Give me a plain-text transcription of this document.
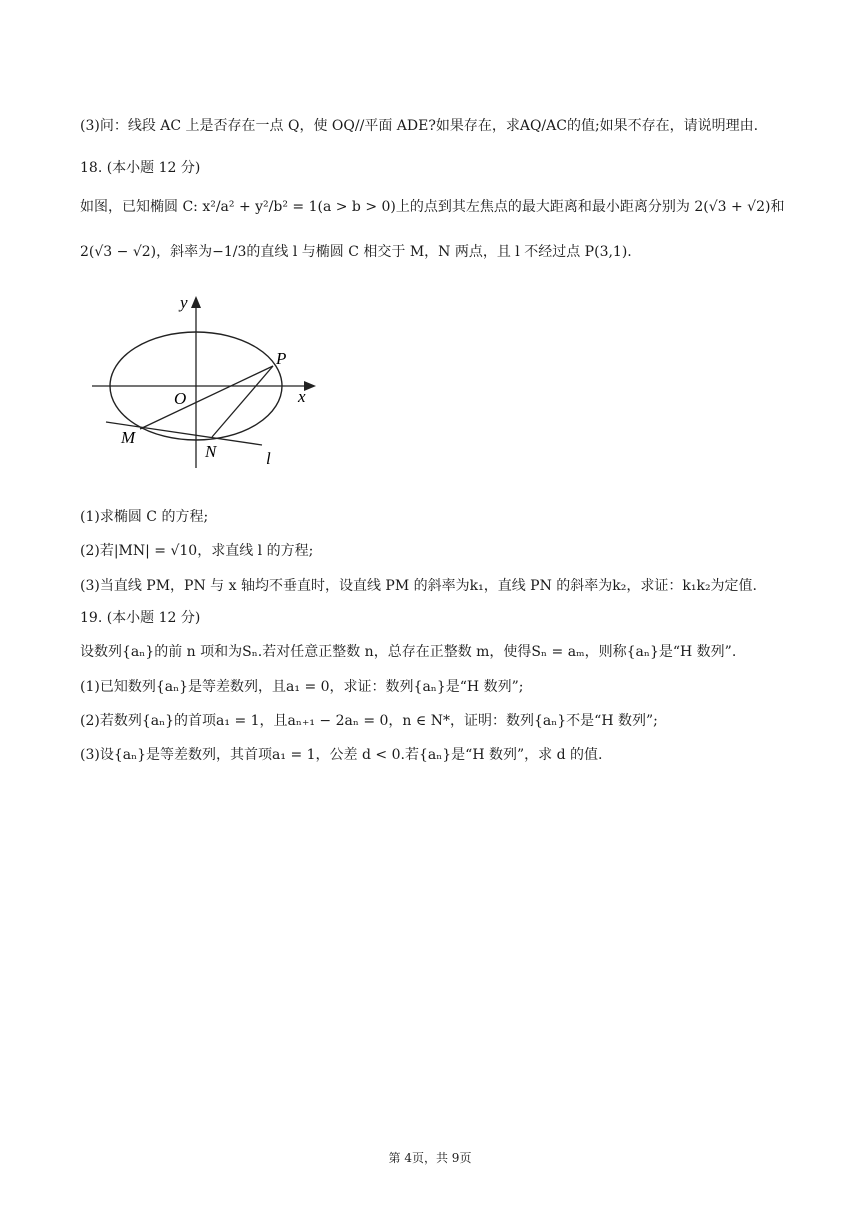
(3)问：线段 AC 上是否存在一点 Q，使 OQ//平面 ADE?如果存在，求AQ/AC的值;如果不存在，请说明理由.
18. (本小题 12 分)
如图，已知椭圆 C: x²/a² + y²/b² = 1(a > b > 0)上的点到其左焦点的最大距离和最小距离分别为 2(√3 + √2)和
2(√3 − √2)，斜率为−1/3的直线 l 与椭圆 C 相交于 M，N 两点，且 l 不经过点 P(3,1).
y
x
O
P
M
N	l
(1)求椭圆 C 的方程;
(2)若|MN| = √10，求直线 l 的方程;
(3)当直线 PM，PN 与 x 轴均不垂直时，设直线 PM 的斜率为k₁，直线 PN 的斜率为k₂，求证：k₁k₂为定值.
19. (本小题 12 分)
设数列{aₙ}的前 n 项和为Sₙ.若对任意正整数 n，总存在正整数 m，使得Sₙ = aₘ，则称{aₙ}是“H 数列”.
(1)已知数列{aₙ}是等差数列，且a₁ = 0，求证：数列{aₙ}是“H 数列”;
(2)若数列{aₙ}的首项a₁ = 1，且aₙ₊₁ − 2aₙ = 0，n ∈ N*，证明：数列{aₙ}不是“H 数列”;
(3)设{aₙ}是等差数列，其首项a₁ = 1，公差 d < 0.若{aₙ}是“H 数列”，求 d 的值.
第 4页，共 9页
